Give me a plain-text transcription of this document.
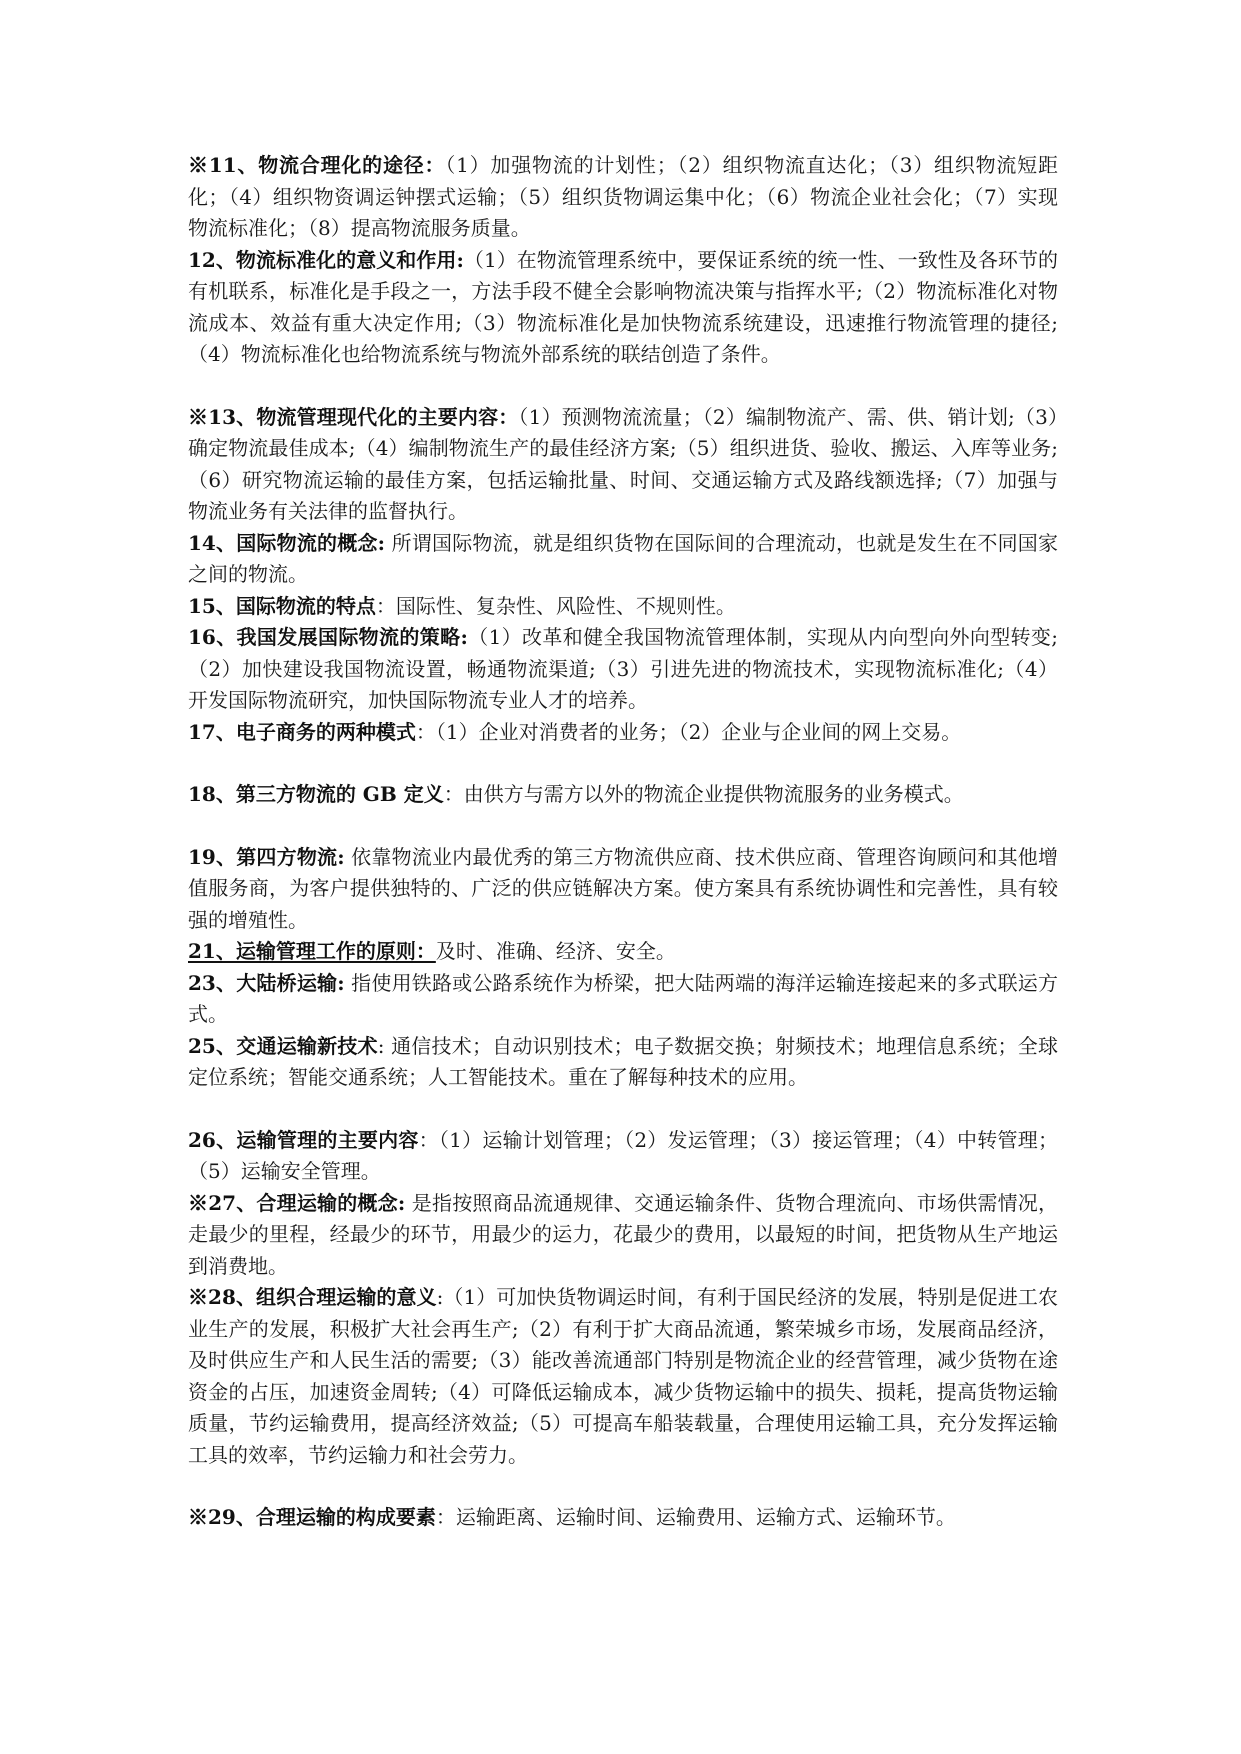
※11、物流合理化的途径：（1）加强物流的计划性；（2）组织物流直达化；（3）组织物流短距化；（4）组织物资调运钟摆式运输；（5）组织货物调运集中化；（6）物流企业社会化；（7）实现物流标准化；（8）提高物流服务质量。

12、物流标准化的意义和作用:（1）在物流管理系统中，要保证系统的统一性、一致性及各环节的有机联系，标准化是手段之一，方法手段不健全会影响物流决策与指挥水平;（2）物流标准化对物流成本、效益有重大决定作用;（3）物流标准化是加快物流系统建设，迅速推行物流管理的捷径;（4）物流标准化也给物流系统与物流外部系统的联结创造了条件。

※13、物流管理现代化的主要内容：（1）预测物流流量；（2）编制物流产、需、供、销计划;（3）确定物流最佳成本;（4）编制物流生产的最佳经济方案;（5）组织进货、验收、搬运、入库等业务;（6）研究物流运输的最佳方案，包括运输批量、时间、交通运输方式及路线额选择;（7）加强与物流业务有关法律的监督执行。

14、国际物流的概念: 所谓国际物流，就是组织货物在国际间的合理流动，也就是发生在不同国家之间的物流。

15、国际物流的特点：国际性、复杂性、风险性、不规则性。

16、我国发展国际物流的策略:（1）改革和健全我国物流管理体制，实现从内向型向外向型转变;（2）加快建设我国物流设置，畅通物流渠道;（3）引进先进的物流技术，实现物流标准化;（4）开发国际物流研究，加快国际物流专业人才的培养。

17、电子商务的两种模式：（1）企业对消费者的业务；（2）企业与企业间的网上交易。

18、第三方物流的 GB 定义：由供方与需方以外的物流企业提供物流服务的业务模式。

19、第四方物流: 依靠物流业内最优秀的第三方物流供应商、技术供应商、管理咨询顾问和其他增值服务商，为客户提供独特的、广泛的供应链解决方案。使方案具有系统协调性和完善性，具有较强的增殖性。

21、运输管理工作的原则：及时、准确、经济、安全。

23、大陆桥运输: 指使用铁路或公路系统作为桥梁，把大陆两端的海洋运输连接起来的多式联运方式。

25、交通运输新技术: 通信技术；自动识别技术；电子数据交换；射频技术；地理信息系统；全球定位系统；智能交通系统；人工智能技术。重在了解每种技术的应用。

26、运输管理的主要内容：（1）运输计划管理；（2）发运管理；（3）接运管理；（4）中转管理；（5）运输安全管理。

※27、合理运输的概念: 是指按照商品流通规律、交通运输条件、货物合理流向、市场供需情况，走最少的里程，经最少的环节，用最少的运力，花最少的费用，以最短的时间，把货物从生产地运到消费地。

※28、组织合理运输的意义:（1）可加快货物调运时间，有利于国民经济的发展，特别是促进工农业生产的发展，积极扩大社会再生产;（2）有利于扩大商品流通，繁荣城乡市场，发展商品经济，及时供应生产和人民生活的需要;（3）能改善流通部门特别是物流企业的经营管理，减少货物在途资金的占压，加速资金周转;（4）可降低运输成本，减少货物运输中的损失、损耗，提高货物运输质量，节约运输费用，提高经济效益;（5）可提高车船装载量，合理使用运输工具，充分发挥运输工具的效率，节约运输力和社会劳力。

※29、合理运输的构成要素：运输距离、运输时间、运输费用、运输方式、运输环节。
